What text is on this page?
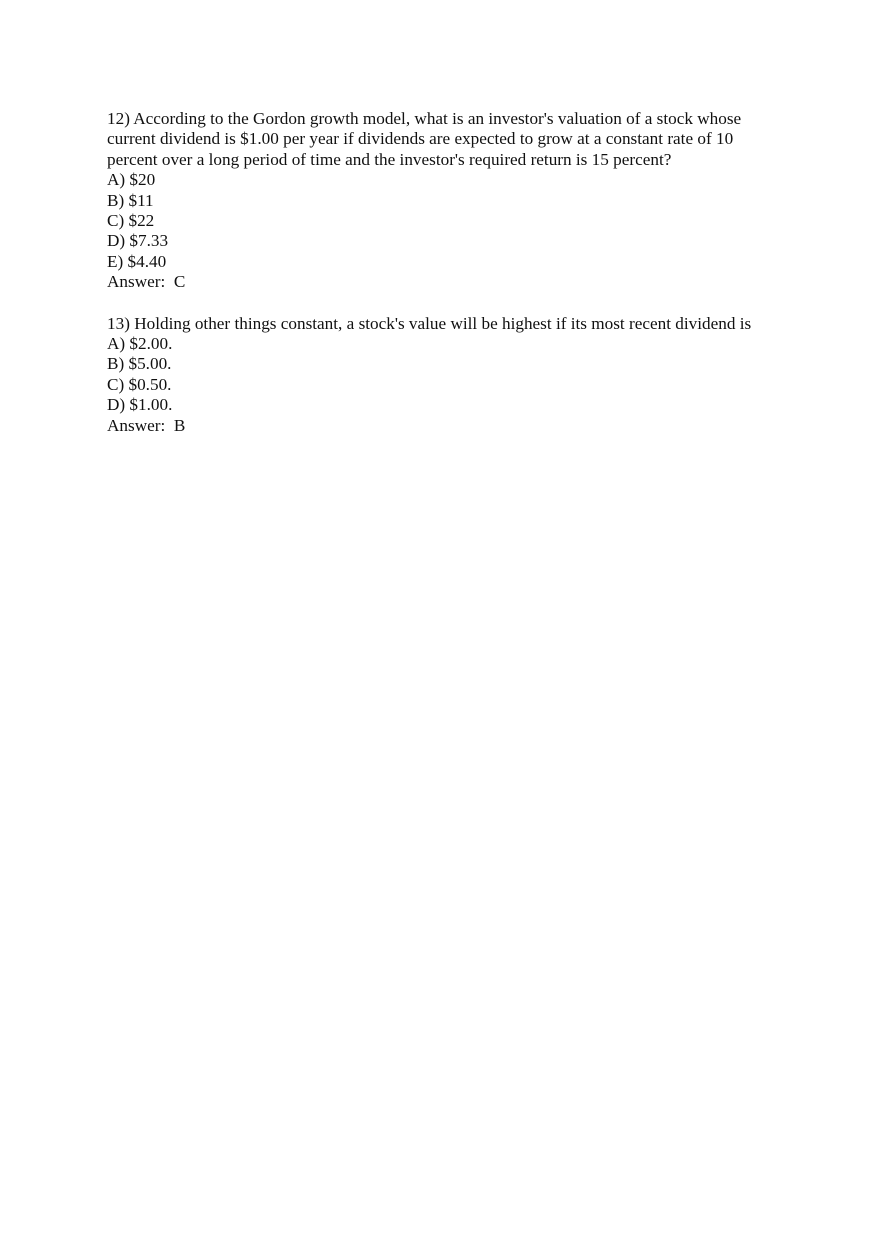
12) According to the Gordon growth model, what is an investor's valuation of a stock whose
current dividend is $1.00 per year if dividends are expected to grow at a constant rate of 10
percent over a long period of time and the investor's required return is 15 percent?
A) $20
B) $11
C) $22
D) $7.33
E) $4.40
Answer:  C
13) Holding other things constant, a stock's value will be highest if its most recent dividend is
A) $2.00.
B) $5.00.
C) $0.50.
D) $1.00.
Answer:  B
